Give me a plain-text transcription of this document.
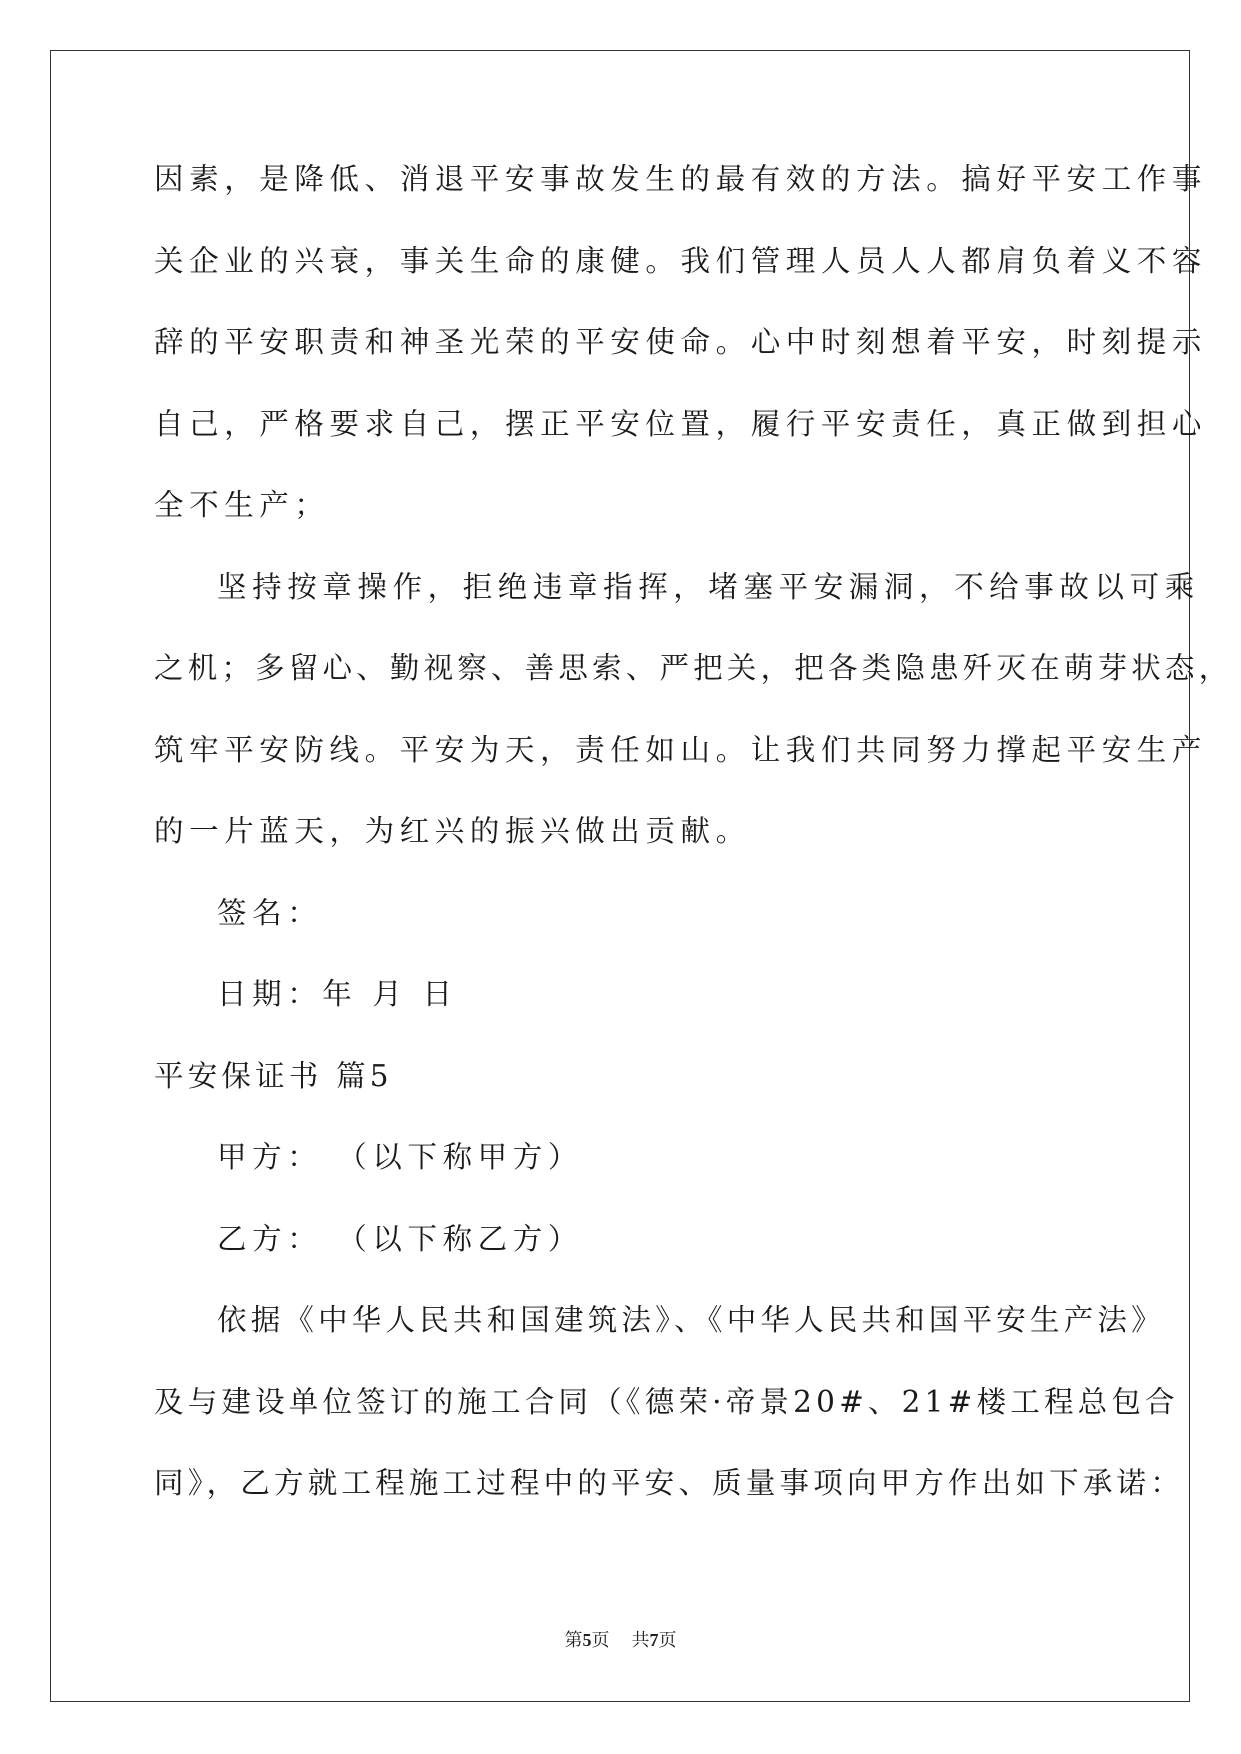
因素，是降低、消退平安事故发生的最有效的方法。搞好平安工作事
关企业的兴衰，事关生命的康健。我们管理人员人人都肩负着义不容
辞的平安职责和神圣光荣的平安使命。心中时刻想着平安，时刻提示
自己，严格要求自己，摆正平安位置，履行平安责任，真正做到担心
全不生产；
坚持按章操作，拒绝违章指挥，堵塞平安漏洞，不给事故以可乘
之机；多留心、勤视察、善思索、严把关，把各类隐患歼灭在萌芽状态，
筑牢平安防线。平安为天，责任如山。让我们共同努力撑起平安生产
的一片蓝天，为红兴的振兴做出贡献。
签名：
日期：年 月 日
平安保证书 篇5
甲方： （以下称甲方）
乙方： （以下称乙方）
依据《中华人民共和国建筑法》、《中华人民共和国平安生产法》
及与建设单位签订的施工合同（《德荣·帝景20#、21#楼工程总包合
同》，乙方就工程施工过程中的平安、质量事项向甲方作出如下承诺：
第5页 共7页
